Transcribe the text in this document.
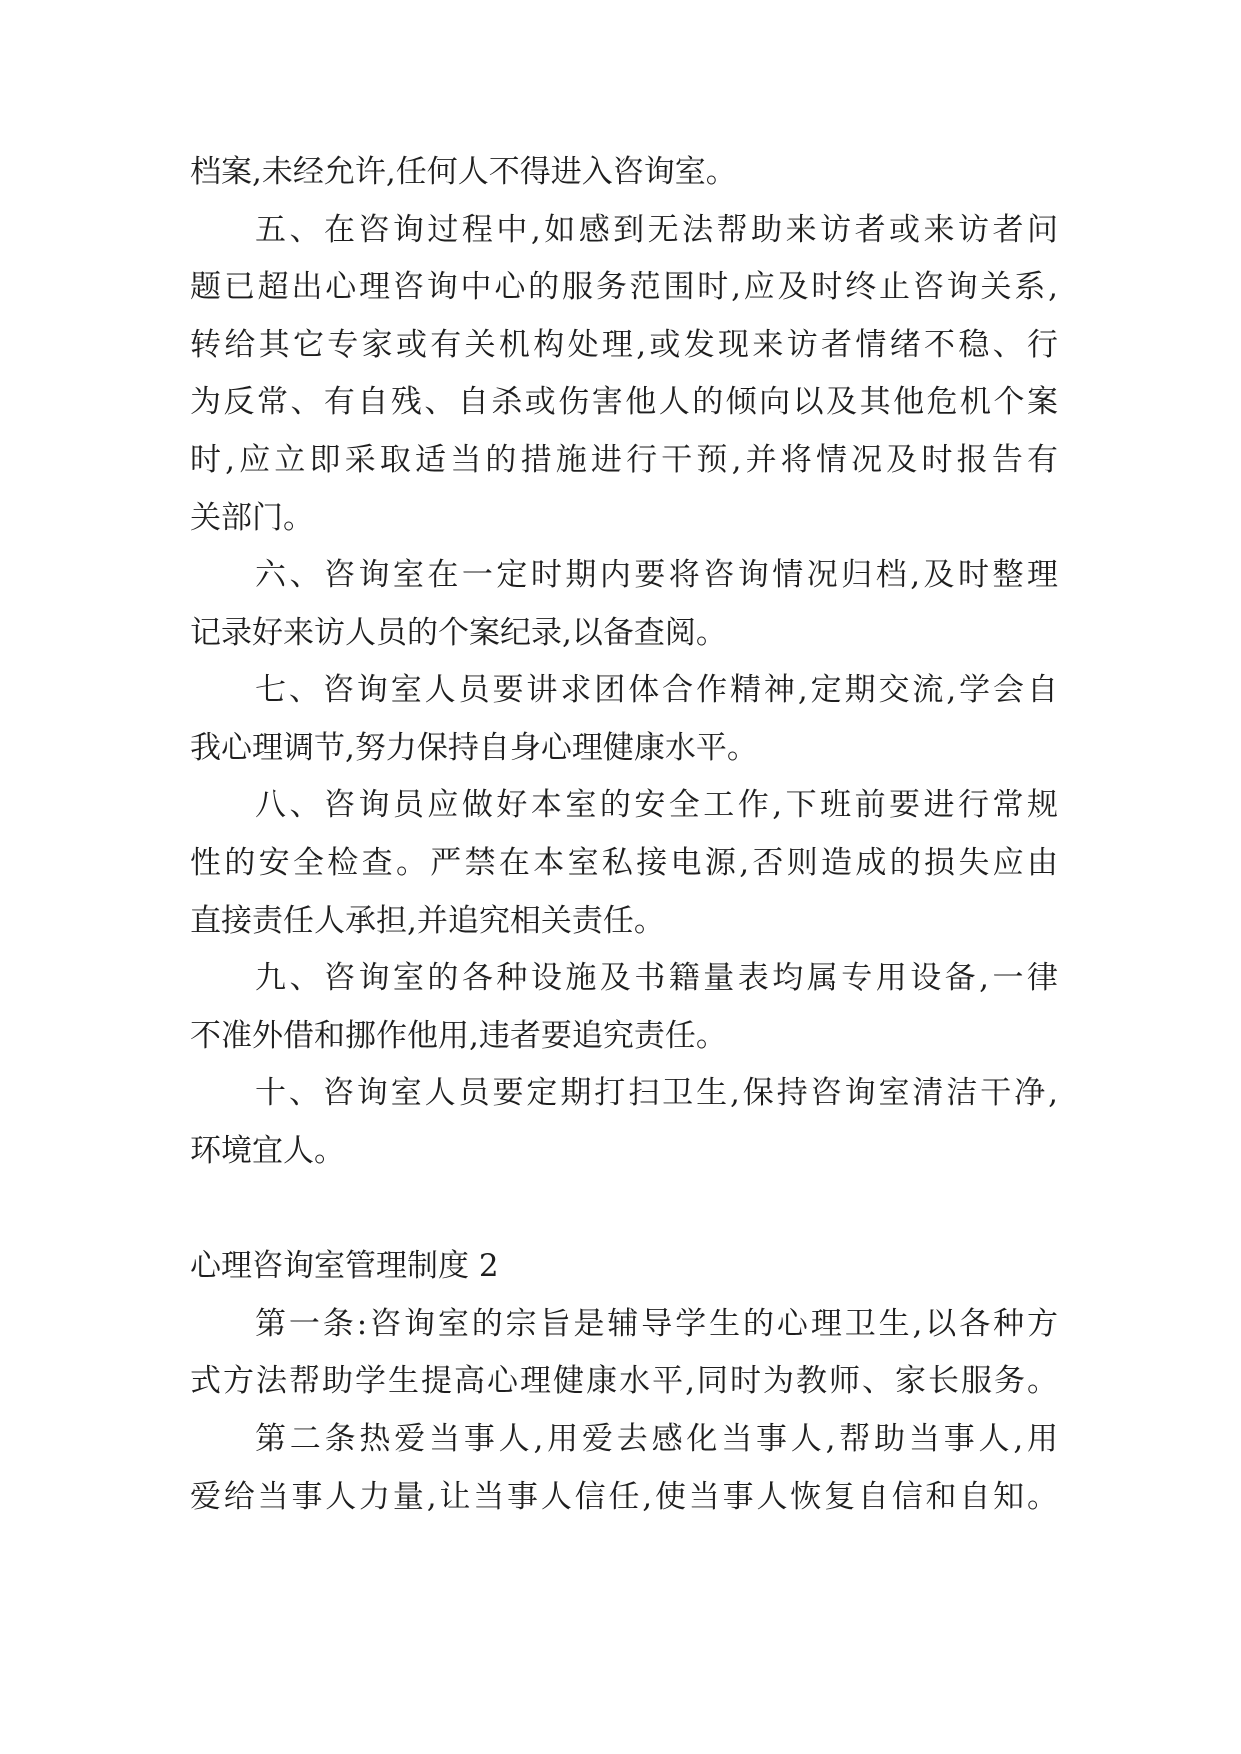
档案,未经允许,任何人不得进入咨询室。
五、在咨询过程中,如感到无法帮助来访者或来访者问
题已超出心理咨询中心的服务范围时,应及时终止咨询关系,
转给其它专家或有关机构处理,或发现来访者情绪不稳、行
为反常、有自残、自杀或伤害他人的倾向以及其他危机个案
时,应立即采取适当的措施进行干预,并将情况及时报告有
关部门。
六、咨询室在一定时期内要将咨询情况归档,及时整理
记录好来访人员的个案纪录,以备查阅。
七、咨询室人员要讲求团体合作精神,定期交流,学会自
我心理调节,努力保持自身心理健康水平。
八、咨询员应做好本室的安全工作,下班前要进行常规
性的安全检查。严禁在本室私接电源,否则造成的损失应由
直接责任人承担,并追究相关责任。
九、咨询室的各种设施及书籍量表均属专用设备,一律
不准外借和挪作他用,违者要追究责任。
十、咨询室人员要定期打扫卫生,保持咨询室清洁干净,
环境宜人。
心理咨询室管理制度 2
第一条:咨询室的宗旨是辅导学生的心理卫生,以各种方
式方法帮助学生提高心理健康水平,同时为教师、家长服务。
第二条热爱当事人,用爱去感化当事人,帮助当事人,用
爱给当事人力量,让当事人信任,使当事人恢复自信和自知。
